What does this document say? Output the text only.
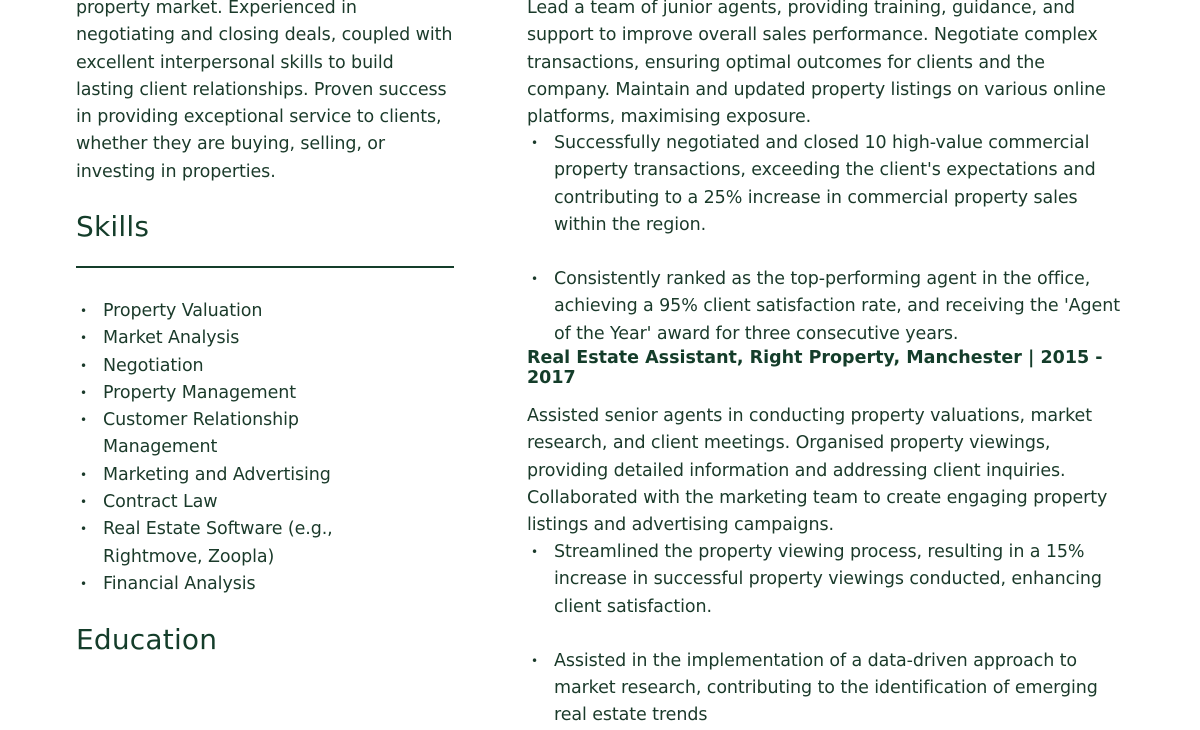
property market. Experienced in negotiating and closing deals, coupled with excellent interpersonal skills to build lasting client relationships. Proven success in providing exceptional service to clients, whether they are buying, selling, or investing in properties.

Skills
• Property Valuation
• Market Analysis
• Negotiation
• Property Management
• Customer Relationship Management
• Marketing and Advertising
• Contract Law
• Real Estate Software (e.g., Rightmove, Zoopla)
• Financial Analysis
Education

Lead a team of junior agents, providing training, guidance, and support to improve overall sales performance. Negotiate complex transactions, ensuring optimal outcomes for clients and the company. Maintain and updated property listings on various online platforms, maximising exposure.

• Successfully negotiated and closed 10 high-value commercial property transactions, exceeding the client's expectations and contributing to a 25% increase in commercial property sales within the region.
• Consistently ranked as the top-performing agent in the office, achieving a 95% client satisfaction rate, and receiving the 'Agent of the Year' award for three consecutive years.
Real Estate Assistant, Right Property, Manchester | 2015 - 2017

Assisted senior agents in conducting property valuations, market research, and client meetings. Organised property viewings, providing detailed information and addressing client inquiries. Collaborated with the marketing team to create engaging property listings and advertising campaigns.

• Streamlined the property viewing process, resulting in a 15% increase in successful property viewings conducted, enhancing client satisfaction.
• Assisted in the implementation of a data-driven approach to market research, contributing to the identification of emerging real estate trends
